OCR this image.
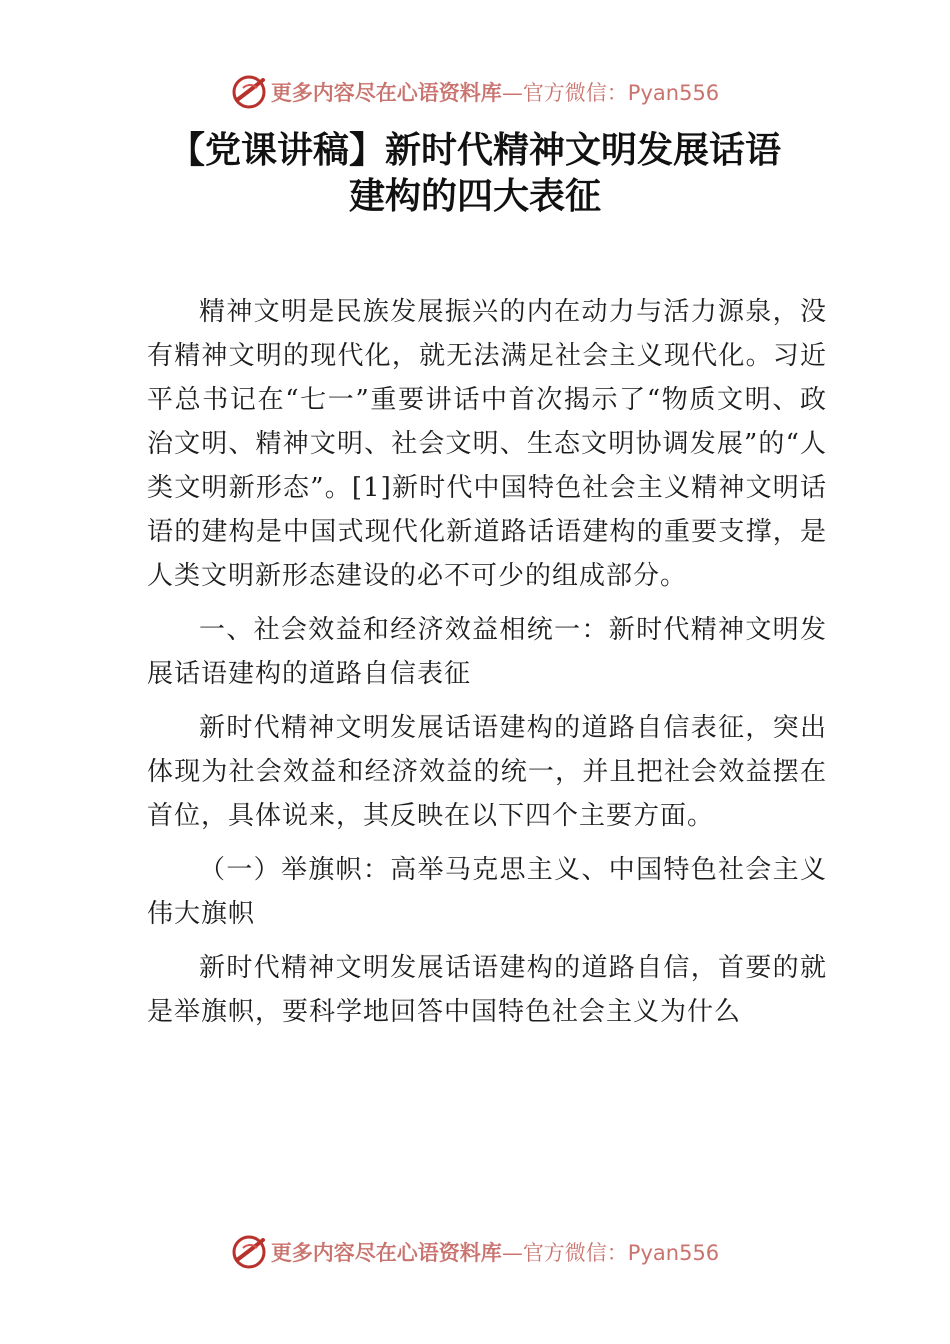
更多内容尽在心语资料库 —官方微信：Pyan556
【党课讲稿】新时代精神文明发展话语
建构的四大表征

精神文明是民族发展振兴的内在动力与活力源泉，没有精神文明的现代化，就无法满足社会主义现代化。习近平总书记在“七一”重要讲话中首次揭示了“物质文明、政治文明、精神文明、社会文明、生态文明协调发展”的“人类文明新形态”。[1]新时代中国特色社会主义精神文明话语的建构是中国式现代化新道路话语建构的重要支撑，是人类文明新形态建设的必不可少的组成部分。

一、社会效益和经济效益相统一：新时代精神文明发展话语建构的道路自信表征

新时代精神文明发展话语建构的道路自信表征，突出体现为社会效益和经济效益的统一，并且把社会效益摆在首位，具体说来，其反映在以下四个主要方面。

（一）举旗帜：高举马克思主义、中国特色社会主义伟大旗帜

新时代精神文明发展话语建构的道路自信，首要的就是举旗帜，要科学地回答中国特色社会主义为什么

更多内容尽在心语资料库 —官方微信：Pyan556
